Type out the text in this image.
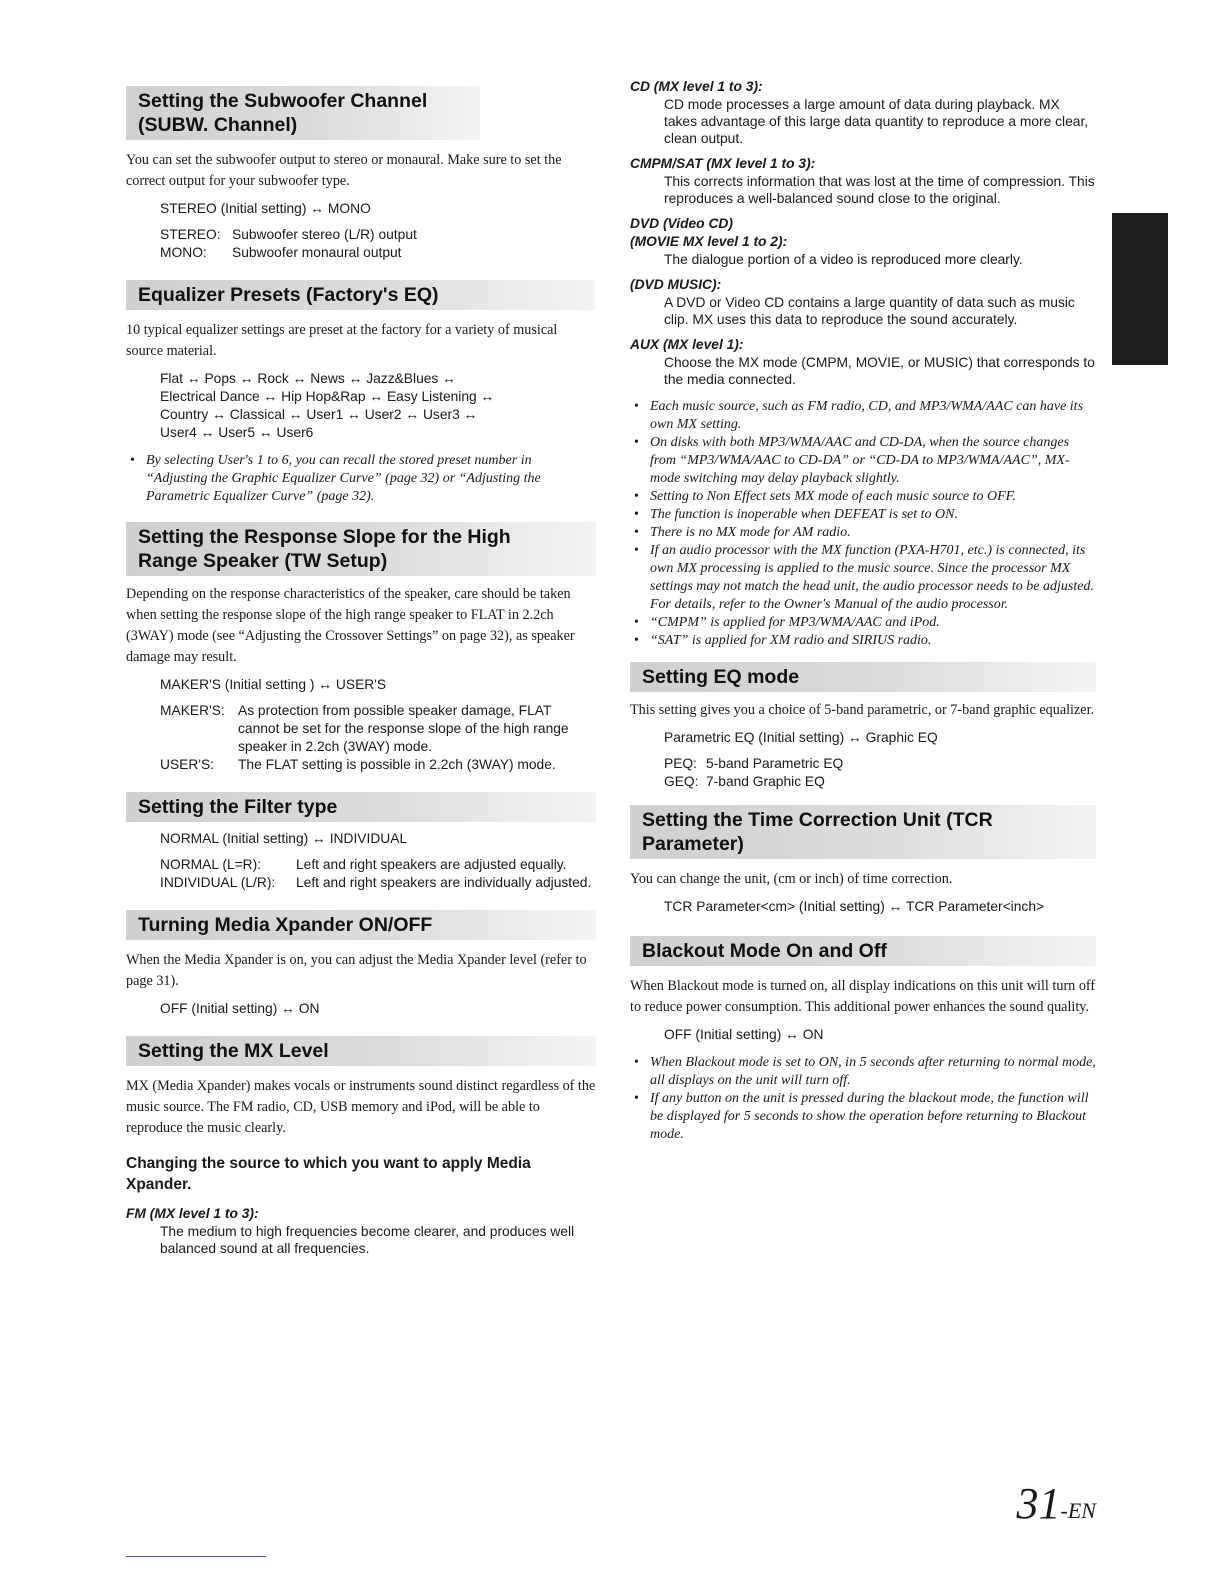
Setting the Subwoofer Channel
(SUBW. Channel)

You can set the subwoofer output to stereo or monaural. Make sure to set the correct output for your subwoofer type.

STEREO (Initial setting) ↔ MONO
STEREO: Subwoofer stereo (L/R) output
MONO:	Subwoofer monaural output
Equalizer Presets (Factory's EQ)

10 typical equalizer settings are preset at the factory for a variety of musical source material.

Flat ↔ Pops ↔ Rock ↔ News ↔ Jazz&Blues ↔
Electrical Dance ↔ Hip Hop&Rap ↔ Easy Listening ↔
Country ↔ Classical ↔ User1 ↔ User2 ↔ User3 ↔
User4 ↔ User5 ↔ User6
• By selecting User's 1 to 6, you can recall the stored preset number in “Adjusting the Graphic Equalizer Curve” (page 32) or “Adjusting the Parametric Equalizer Curve” (page 32).
Setting the Response Slope for the High
Range Speaker (TW Setup)

Depending on the response characteristics of the speaker, care should be taken when setting the response slope of the high range speaker to FLAT in 2.2ch (3WAY) mode (see “Adjusting the Crossover Settings” on page 32), as speaker damage may result.

MAKER'S (Initial setting ) ↔ USER'S
MAKER'S: As protection from possible speaker damage, FLAT cannot be set for the response slope of the high range speaker in 2.2ch (3WAY) mode.
USER'S:	The FLAT setting is possible in 2.2ch (3WAY) mode.
Setting the Filter type
NORMAL (Initial setting) ↔ INDIVIDUAL
NORMAL (L=R):	Left and right speakers are adjusted equally.
INDIVIDUAL (L/R):	Left and right speakers are individually adjusted.
Turning Media Xpander ON/OFF

When the Media Xpander is on, you can adjust the Media Xpander level (refer to page 31).

OFF (Initial setting) ↔ ON
Setting the MX Level

MX (Media Xpander) makes vocals or instruments sound distinct regardless of the music source. The FM radio, CD, USB memory and iPod, will be able to reproduce the music clearly.

Changing the source to which you want to apply Media Xpander.
FM (MX level 1 to 3):
The medium to high frequencies become clearer, and produces well balanced sound at all frequencies.
CD (MX level 1 to 3):
CD mode processes a large amount of data during playback. MX takes advantage of this large data quantity to reproduce a more clear, clean output.
CMPM/SAT (MX level 1 to 3):
This corrects information that was lost at the time of compression. This reproduces a well-balanced sound close to the original.
DVD (Video CD)
(MOVIE MX level 1 to 2):
The dialogue portion of a video is reproduced more clearly.
(DVD MUSIC):
A DVD or Video CD contains a large quantity of data such as music clip. MX uses this data to reproduce the sound accurately.
AUX (MX level 1):
Choose the MX mode (CMPM, MOVIE, or MUSIC) that corresponds to the media connected.
• Each music source, such as FM radio, CD, and MP3/WMA/AAC can have its own MX setting.
• On disks with both MP3/WMA/AAC and CD-DA, when the source changes from “MP3/WMA/AAC to CD-DA” or “CD-DA to MP3/WMA/AAC”, MX-mode switching may delay playback slightly.
• Setting to Non Effect sets MX mode of each music source to OFF.
• The function is inoperable when DEFEAT is set to ON.
• There is no MX mode for AM radio.
• If an audio processor with the MX function (PXA-H701, etc.) is connected, its own MX processing is applied to the music source. Since the processor MX settings may not match the head unit, the audio processor needs to be adjusted. For details, refer to the Owner's Manual of the audio processor.
• “CMPM” is applied for MP3/WMA/AAC and iPod.
• “SAT” is applied for XM radio and SIRIUS radio.
Setting EQ mode

This setting gives you a choice of 5-band parametric, or 7-band graphic equalizer.

Parametric EQ (Initial setting) ↔ Graphic EQ
PEQ: 5-band Parametric EQ
GEQ: 7-band Graphic EQ
Setting the Time Correction Unit (TCR
Parameter)

You can change the unit, (cm or inch) of time correction.

TCR Parameter<cm> (Initial setting) ↔ TCR Parameter<inch>
Blackout Mode On and Off

When Blackout mode is turned on, all display indications on this unit will turn off to reduce power consumption. This additional power enhances the sound quality.

OFF (Initial setting) ↔ ON
• When Blackout mode is set to ON, in 5 seconds after returning to normal mode, all displays on the unit will turn off.
• If any button on the unit is pressed during the blackout mode, the function will be displayed for 5 seconds to show the operation before returning to Blackout mode.
31-EN
